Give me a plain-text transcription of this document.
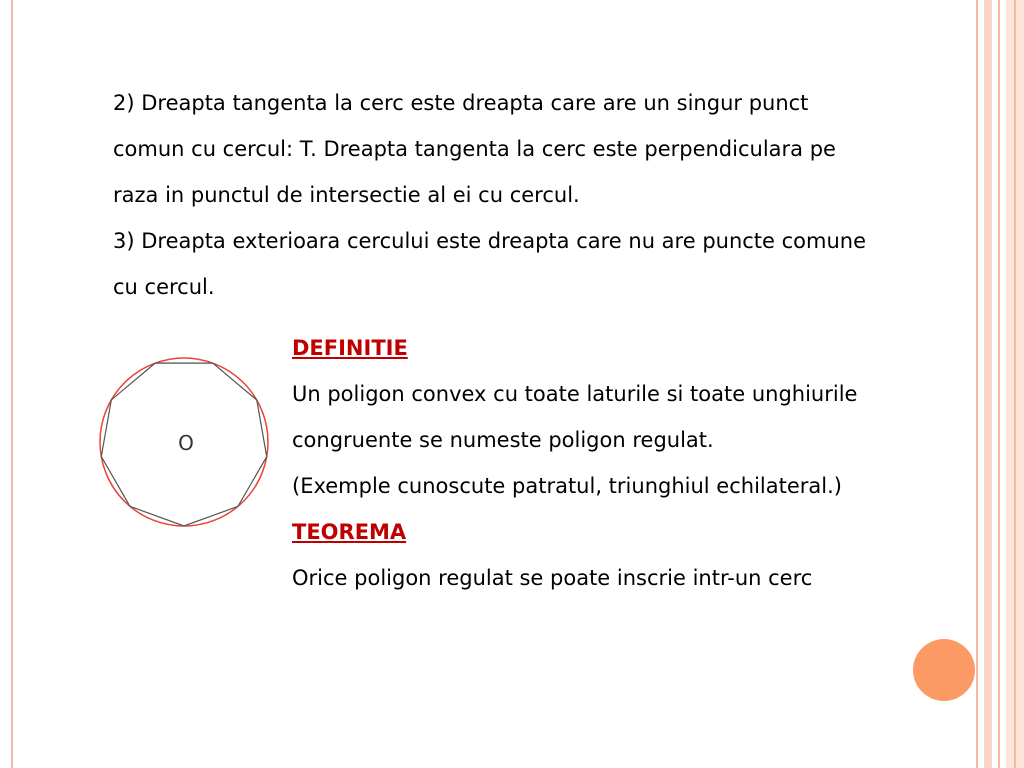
2) Dreapta tangenta la cerc este dreapta care are un singur punct

comun cu cercul: T. Dreapta tangenta la cerc este perpendiculara pe

raza in punctul de intersectie al ei cu cercul.

3) Dreapta exterioara cercului este dreapta care nu are puncte comune

cu cercul.

O

DEFINITIE

Un poligon convex cu toate laturile si toate unghiurile

congruente se numeste poligon regulat.

(Exemple cunoscute patratul, triunghiul echilateral.)

TEOREMA

Orice poligon regulat se poate inscrie intr-un cerc
